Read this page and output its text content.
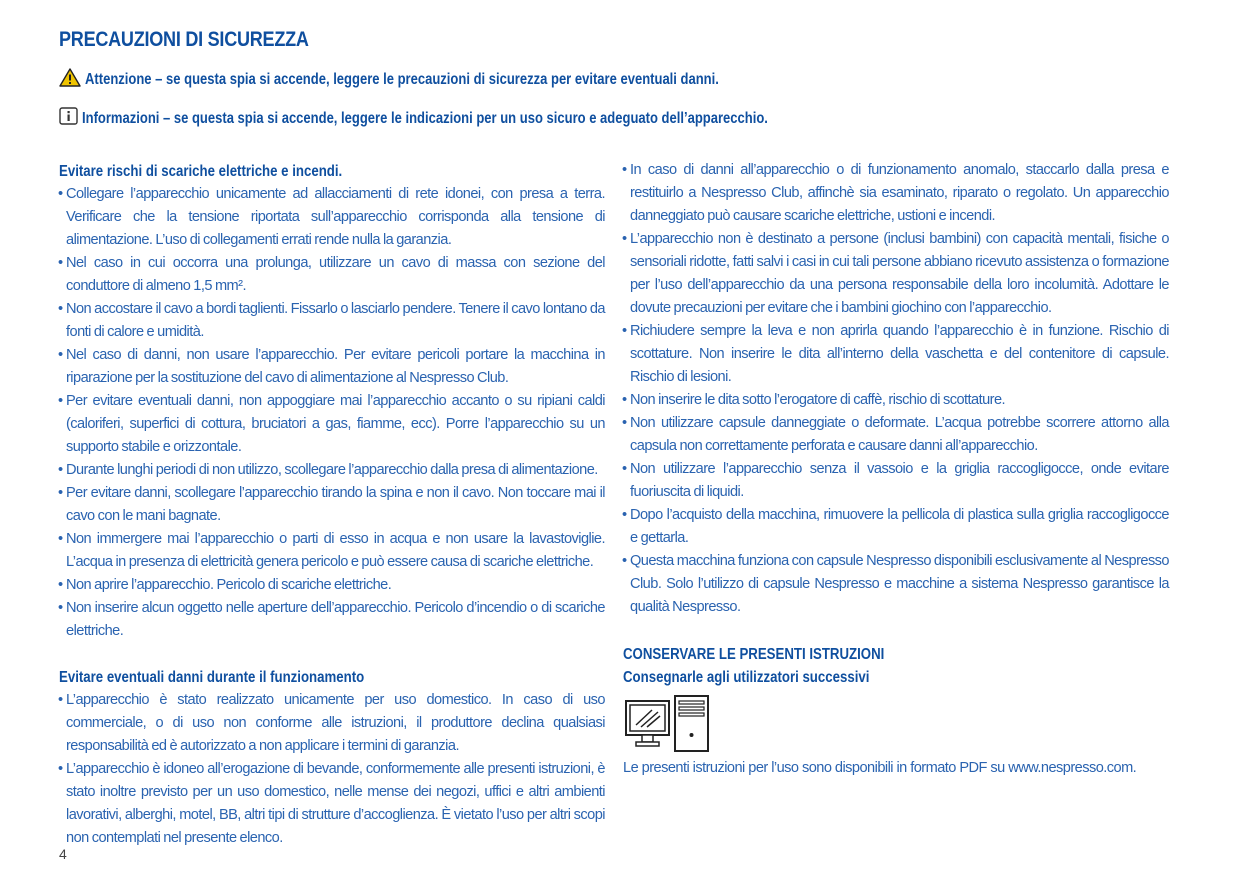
PRECAUZIONI DI SICUREZZA
Attenzione – se questa spia si accende, leggere le precauzioni di sicurezza per evitare eventuali danni.
Informazioni – se questa spia si accende, leggere le indicazioni per un uso sicuro e adeguato dell’apparecchio.
Evitare rischi di scariche elettriche e incendi.
• Collegare l’apparecchio unicamente ad allacciamenti di rete idonei, con presa a terra. Verificare che la tensione riportata sull’apparecchio corrisponda alla tensione di alimentazione. L’uso di collegamenti errati rende nulla la garanzia.
• Nel caso in cui occorra una prolunga, utilizzare un cavo di massa con sezione del conduttore di almeno 1,5 mm².
• Non accostare il cavo a bordi taglienti. Fissarlo o lasciarlo pendere. Tenere il cavo lontano da fonti di calore e umidità.
• Nel caso di danni, non usare l’apparecchio. Per evitare pericoli portare la macchina in riparazione per la sostituzione del cavo di alimentazione al Nespresso Club.
• Per evitare eventuali danni, non appoggiare mai l’apparecchio accanto o su ripiani caldi (caloriferi, superfici di cottura, bruciatori a gas, fiamme, ecc). Porre l’apparecchio su un supporto stabile e orizzontale.
• Durante lunghi periodi di non utilizzo, scollegare l’apparecchio dalla presa di alimentazione.
• Per evitare danni, scollegare l’apparecchio tirando la spina e non il cavo. Non toccare mai il cavo con le mani bagnate.
• Non immergere mai l’apparecchio o parti di esso in acqua e non usare la lavastoviglie. L’acqua in presenza di elettricità genera pericolo e può essere causa di scariche elettriche.
• Non aprire l’apparecchio. Pericolo di scariche elettriche.
• Non inserire alcun oggetto nelle aperture dell’apparecchio. Pericolo d’incendio o di scariche elettriche.
Evitare eventuali danni durante il funzionamento
• L’apparecchio è stato realizzato unicamente per uso domestico. In caso di uso commerciale, o di uso non conforme alle istruzioni, il produttore declina qualsiasi responsabilità ed è autorizzato a non applicare i termini di garanzia.
• L’apparecchio è idoneo all’erogazione di bevande, conformemente alle presenti istruzioni, è stato inoltre previsto per un uso domestico, nelle mense dei negozi, uffici e altri ambienti lavorativi, alberghi, motel, BB, altri tipi di strutture d’accoglienza. È vietato l’uso per altri scopi non contemplati nel presente elenco.
• In caso di danni all’apparecchio o di funzionamento anomalo, staccarlo dalla presa e restituirlo a Nespresso Club, affinchè sia esaminato, riparato o regolato. Un apparecchio danneggiato può causare scariche elettriche, ustioni e incendi.
• L’apparecchio non è destinato a persone (inclusi bambini) con capacità mentali, fisiche o sensoriali ridotte, fatti salvi i casi in cui tali persone abbiano ricevuto assistenza o formazione per l’uso dell’apparecchio da una persona responsabile della loro incolumità. Adottare le dovute precauzioni per evitare che i bambini giochino con l’apparecchio.
• Richiudere sempre la leva e non aprirla quando l’apparecchio è in funzione. Rischio di scottature. Non inserire le dita all’interno della vaschetta e del contenitore di capsule. Rischio di lesioni.
• Non inserire le dita sotto l’erogatore di caffè, rischio di scottature.
• Non utilizzare capsule danneggiate o deformate. L’acqua potrebbe scorrere attorno alla capsula non correttamente perforata e causare danni all’apparecchio.
• Non utilizzare l’apparecchio senza il vassoio e la griglia raccogligocce, onde evitare fuoriuscita di liquidi.
• Dopo l’acquisto della macchina, rimuovere la pellicola di plastica sulla griglia raccogligocce e gettarla.
• Questa macchina funziona con capsule Nespresso disponibili esclusivamente al Nespresso Club. Solo l’utilizzo di capsule Nespresso e macchine a sistema Nespresso garantisce la qualità Nespresso.
CONSERVARE LE PRESENTI ISTRUZIONI
Consegnarle agli utilizzatori successivi
Le presenti istruzioni per l’uso sono disponibili in formato PDF su www.nespresso.com.

4
